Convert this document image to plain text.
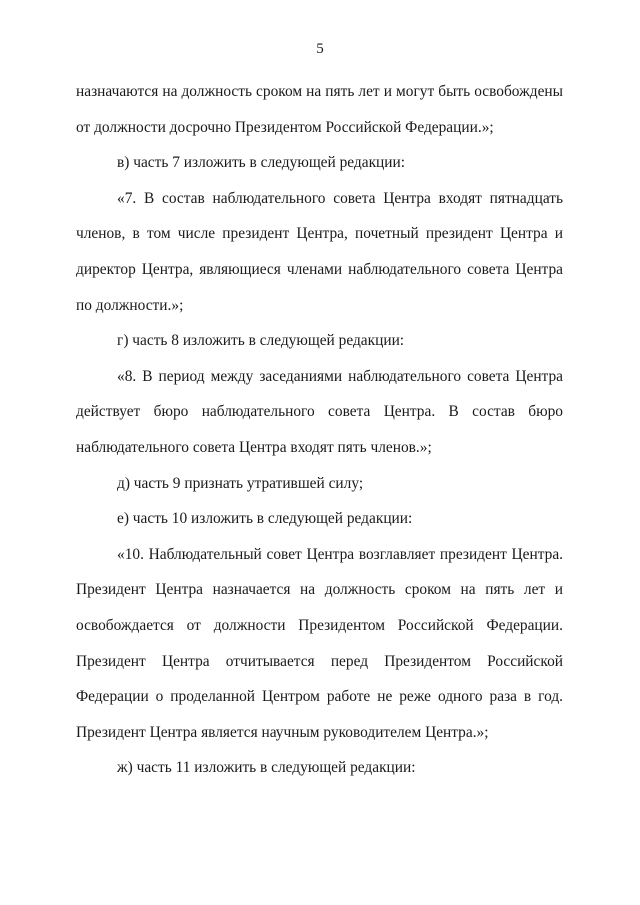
5

назначаются на должность сроком на пять лет и могут быть освобождены от должности досрочно Президентом Российской Федерации.»;

в) часть 7 изложить в следующей редакции:

«7. В состав наблюдательного совета Центра входят пятнадцать членов, в том числе президент Центра, почетный президент Центра и директор Центра, являющиеся членами наблюдательного совета Центра по должности.»;

г) часть 8 изложить в следующей редакции:

«8. В период между заседаниями наблюдательного совета Центра действует бюро наблюдательного совета Центра. В состав бюро наблюдательного совета Центра входят пять членов.»;

д) часть 9 признать утратившей силу;

е) часть 10 изложить в следующей редакции:

«10. Наблюдательный совет Центра возглавляет президент Центра. Президент Центра назначается на должность сроком на пять лет и освобождается от должности Президентом Российской Федерации. Президент Центра отчитывается перед Президентом Российской Федерации о проделанной Центром работе не реже одного раза в год. Президент Центра является научным руководителем Центра.»;

ж) часть 11 изложить в следующей редакции:
